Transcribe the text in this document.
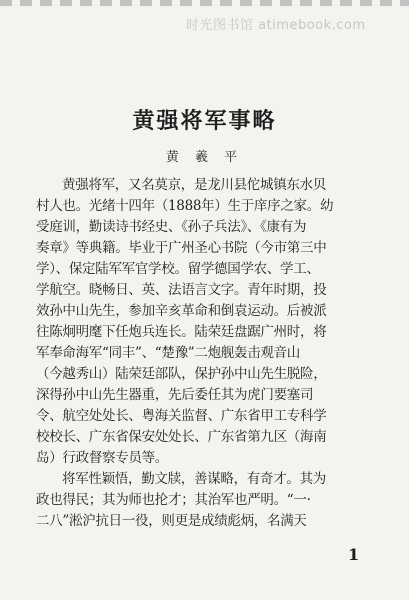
时光图书馆 atimebook.com
黄强将军事略
黄 羲 平
黄强将军，又名莫京，是龙川县佗城镇东水贝
村人也。光绪十四年（1888年）生于庠序之家。幼
受庭训，勤读诗书经史、《孙子兵法》、《康有为
奏章》等典籍。毕业于广州圣心书院（今市第三中
学）、保定陆军军官学校。留学德国学农、学工、
学航空。晓畅日、英、法语言文字。青年时期，投
效孙中山先生，参加辛亥革命和倒袁运动。后被派
往陈炯明麾下任炮兵连长。陆荣廷盘踞广州时，将
军奉命海军“同丰”、“楚豫”二炮舰轰击观音山
（今越秀山）陆荣廷部队，保护孙中山先生脱险，
深得孙中山先生器重，先后委任其为虎门要塞司
令、航空处处长、粤海关监督、广东省甲工专科学
校校长、广东省保安处处长、广东省第九区（海南
岛）行政督察专员等。
将军性颖悟，勤文牍，善谋略，有奇才。其为
政也得民；其为师也抡才；其治军也严明。“一·
二八”淞沪抗日一役，则更是成绩彪炳，名满天
1
